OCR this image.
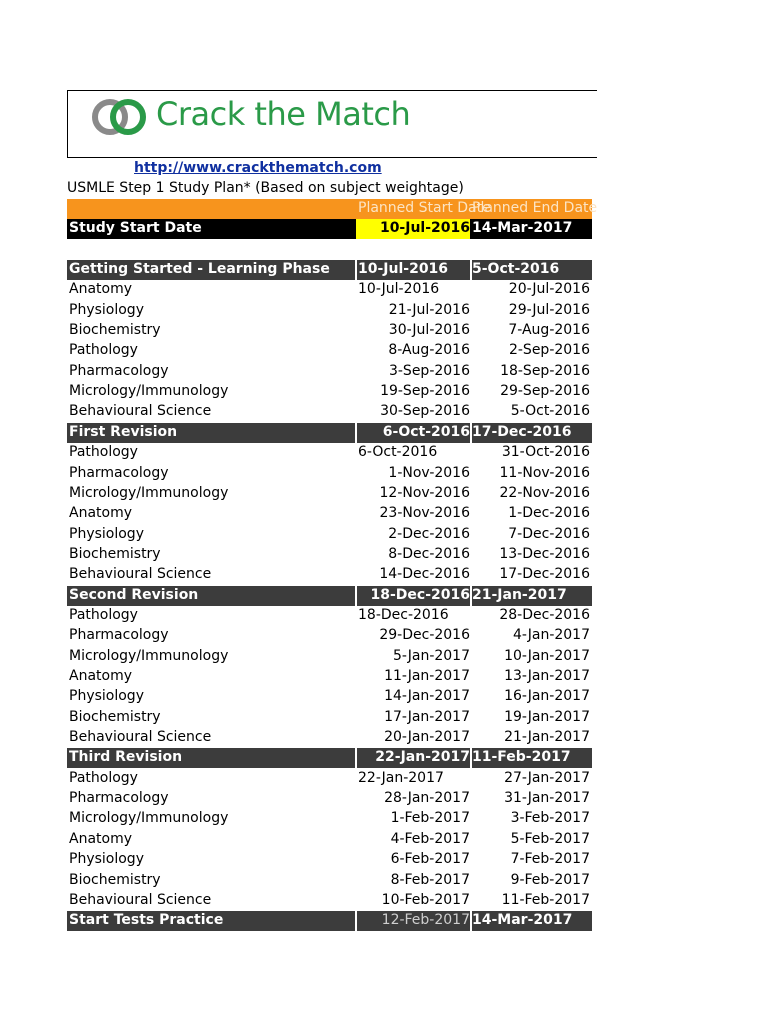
Crack the Match
http://www.crackthematch.com
USMLE Step 1 Study Plan* (Based on subject weightage)
Planned Start Date
Planned End Date
Study Start Date	10-Jul-2016 14-Mar-2017
Getting Started - Learning Phase 10-Jul-2016	5-Oct-2016
Anatomy	10-Jul-2016	20-Jul-2016
Physiology	21-Jul-2016	29-Jul-2016
Biochemistry	30-Jul-2016	7-Aug-2016
Pathology	8-Aug-2016	2-Sep-2016
Pharmacology	3-Sep-2016	18-Sep-2016
Micrology/Immunology	19-Sep-2016	29-Sep-2016
Behavioural Science	30-Sep-2016	5-Oct-2016
First Revision	6-Oct-2016 17-Dec-2016
Pathology	6-Oct-2016	31-Oct-2016
Pharmacology	1-Nov-2016	11-Nov-2016
Micrology/Immunology	12-Nov-2016	22-Nov-2016
Anatomy	23-Nov-2016	1-Dec-2016
Physiology	2-Dec-2016	7-Dec-2016
Biochemistry	8-Dec-2016	13-Dec-2016
Behavioural Science	14-Dec-2016	17-Dec-2016
Second Revision	18-Dec-2016 21-Jan-2017
Pathology	18-Dec-2016	28-Dec-2016
Pharmacology	29-Dec-2016	4-Jan-2017
Micrology/Immunology	5-Jan-2017	10-Jan-2017
Anatomy	11-Jan-2017	13-Jan-2017
Physiology	14-Jan-2017	16-Jan-2017
Biochemistry	17-Jan-2017	19-Jan-2017
Behavioural Science	20-Jan-2017	21-Jan-2017
Third Revision	22-Jan-2017 11-Feb-2017
Pathology	22-Jan-2017	27-Jan-2017
Pharmacology	28-Jan-2017	31-Jan-2017
Micrology/Immunology	1-Feb-2017	3-Feb-2017
Anatomy	4-Feb-2017	5-Feb-2017
Physiology	6-Feb-2017	7-Feb-2017
Biochemistry	8-Feb-2017	9-Feb-2017
Behavioural Science	10-Feb-2017	11-Feb-2017
Start Tests Practice	12-Feb-2017 14-Mar-2017
